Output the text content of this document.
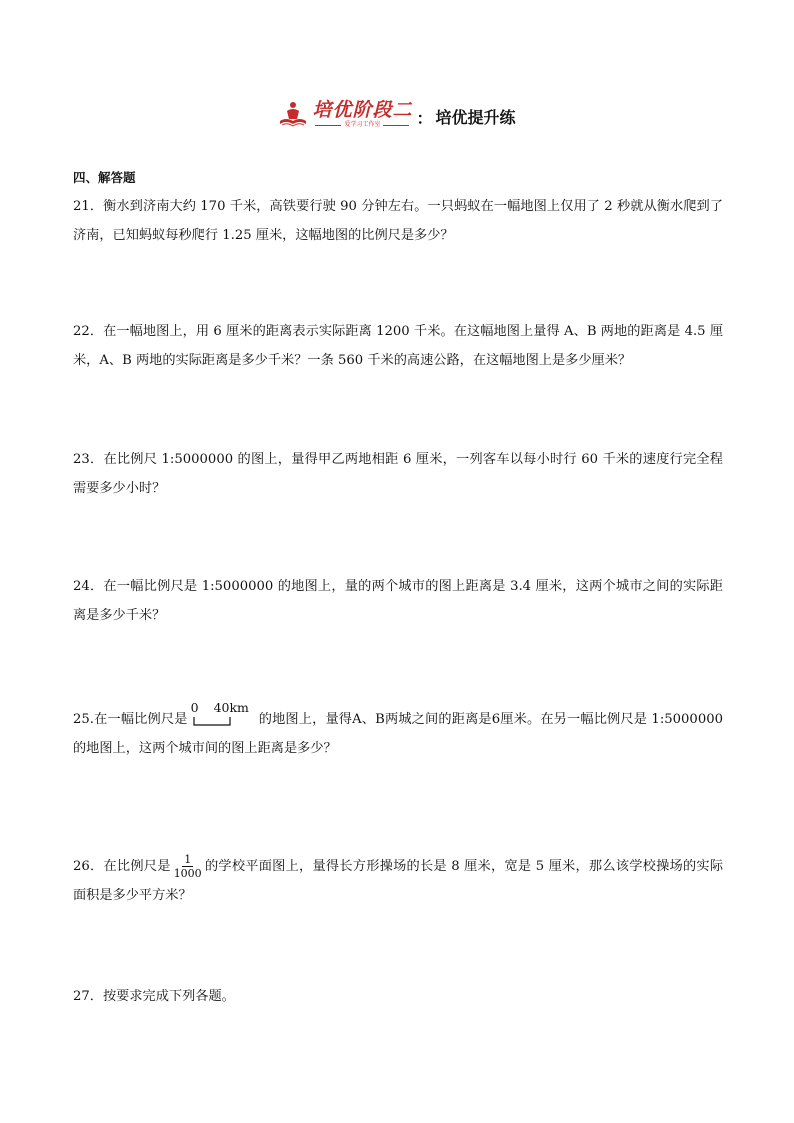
培优阶段二
爱学习工作室 ： 培优提升练
四、解答题
21．衡水到济南大约 170 千米，高铁要行驶 90 分钟左右。一只蚂蚁在一幅地图上仅用了 2 秒就从衡水爬到了济南，已知蚂蚁每秒爬行 1.25 厘米，这幅地图的比例尺是多少？
22．在一幅地图上，用 6 厘米的距离表示实际距离 1200 千米。在这幅地图上量得 A、B 两地的距离是 4.5 厘米，A、B 两地的实际距离是多少千米？一条 560 千米的高速公路，在这幅地图上是多少厘米？
23．在比例尺 1:5000000 的图上，量得甲乙两地相距 6 厘米，一列客车以每小时行 60 千米的速度行完全程需要多少小时？
24．在一幅比例尺是 1:5000000 的地图上，量的两个城市的图上距离是 3.4 厘米，这两个城市之间的实际距离是多少千米？
25.在一幅比例尺是
0 40km
的地图上，量得A、B两城之间的距离是6厘米。在另一幅比例尺是 1:5000000 的地图上，这两个城市间的图上距离是多少？
26．在比例尺是 $\frac{1}{1000}$ 的学校平面图上，量得长方形操场的长是 8 厘米，宽是 5 厘米，那么该学校操场的实际面积是多少平方米？
27．按要求完成下列各题。
